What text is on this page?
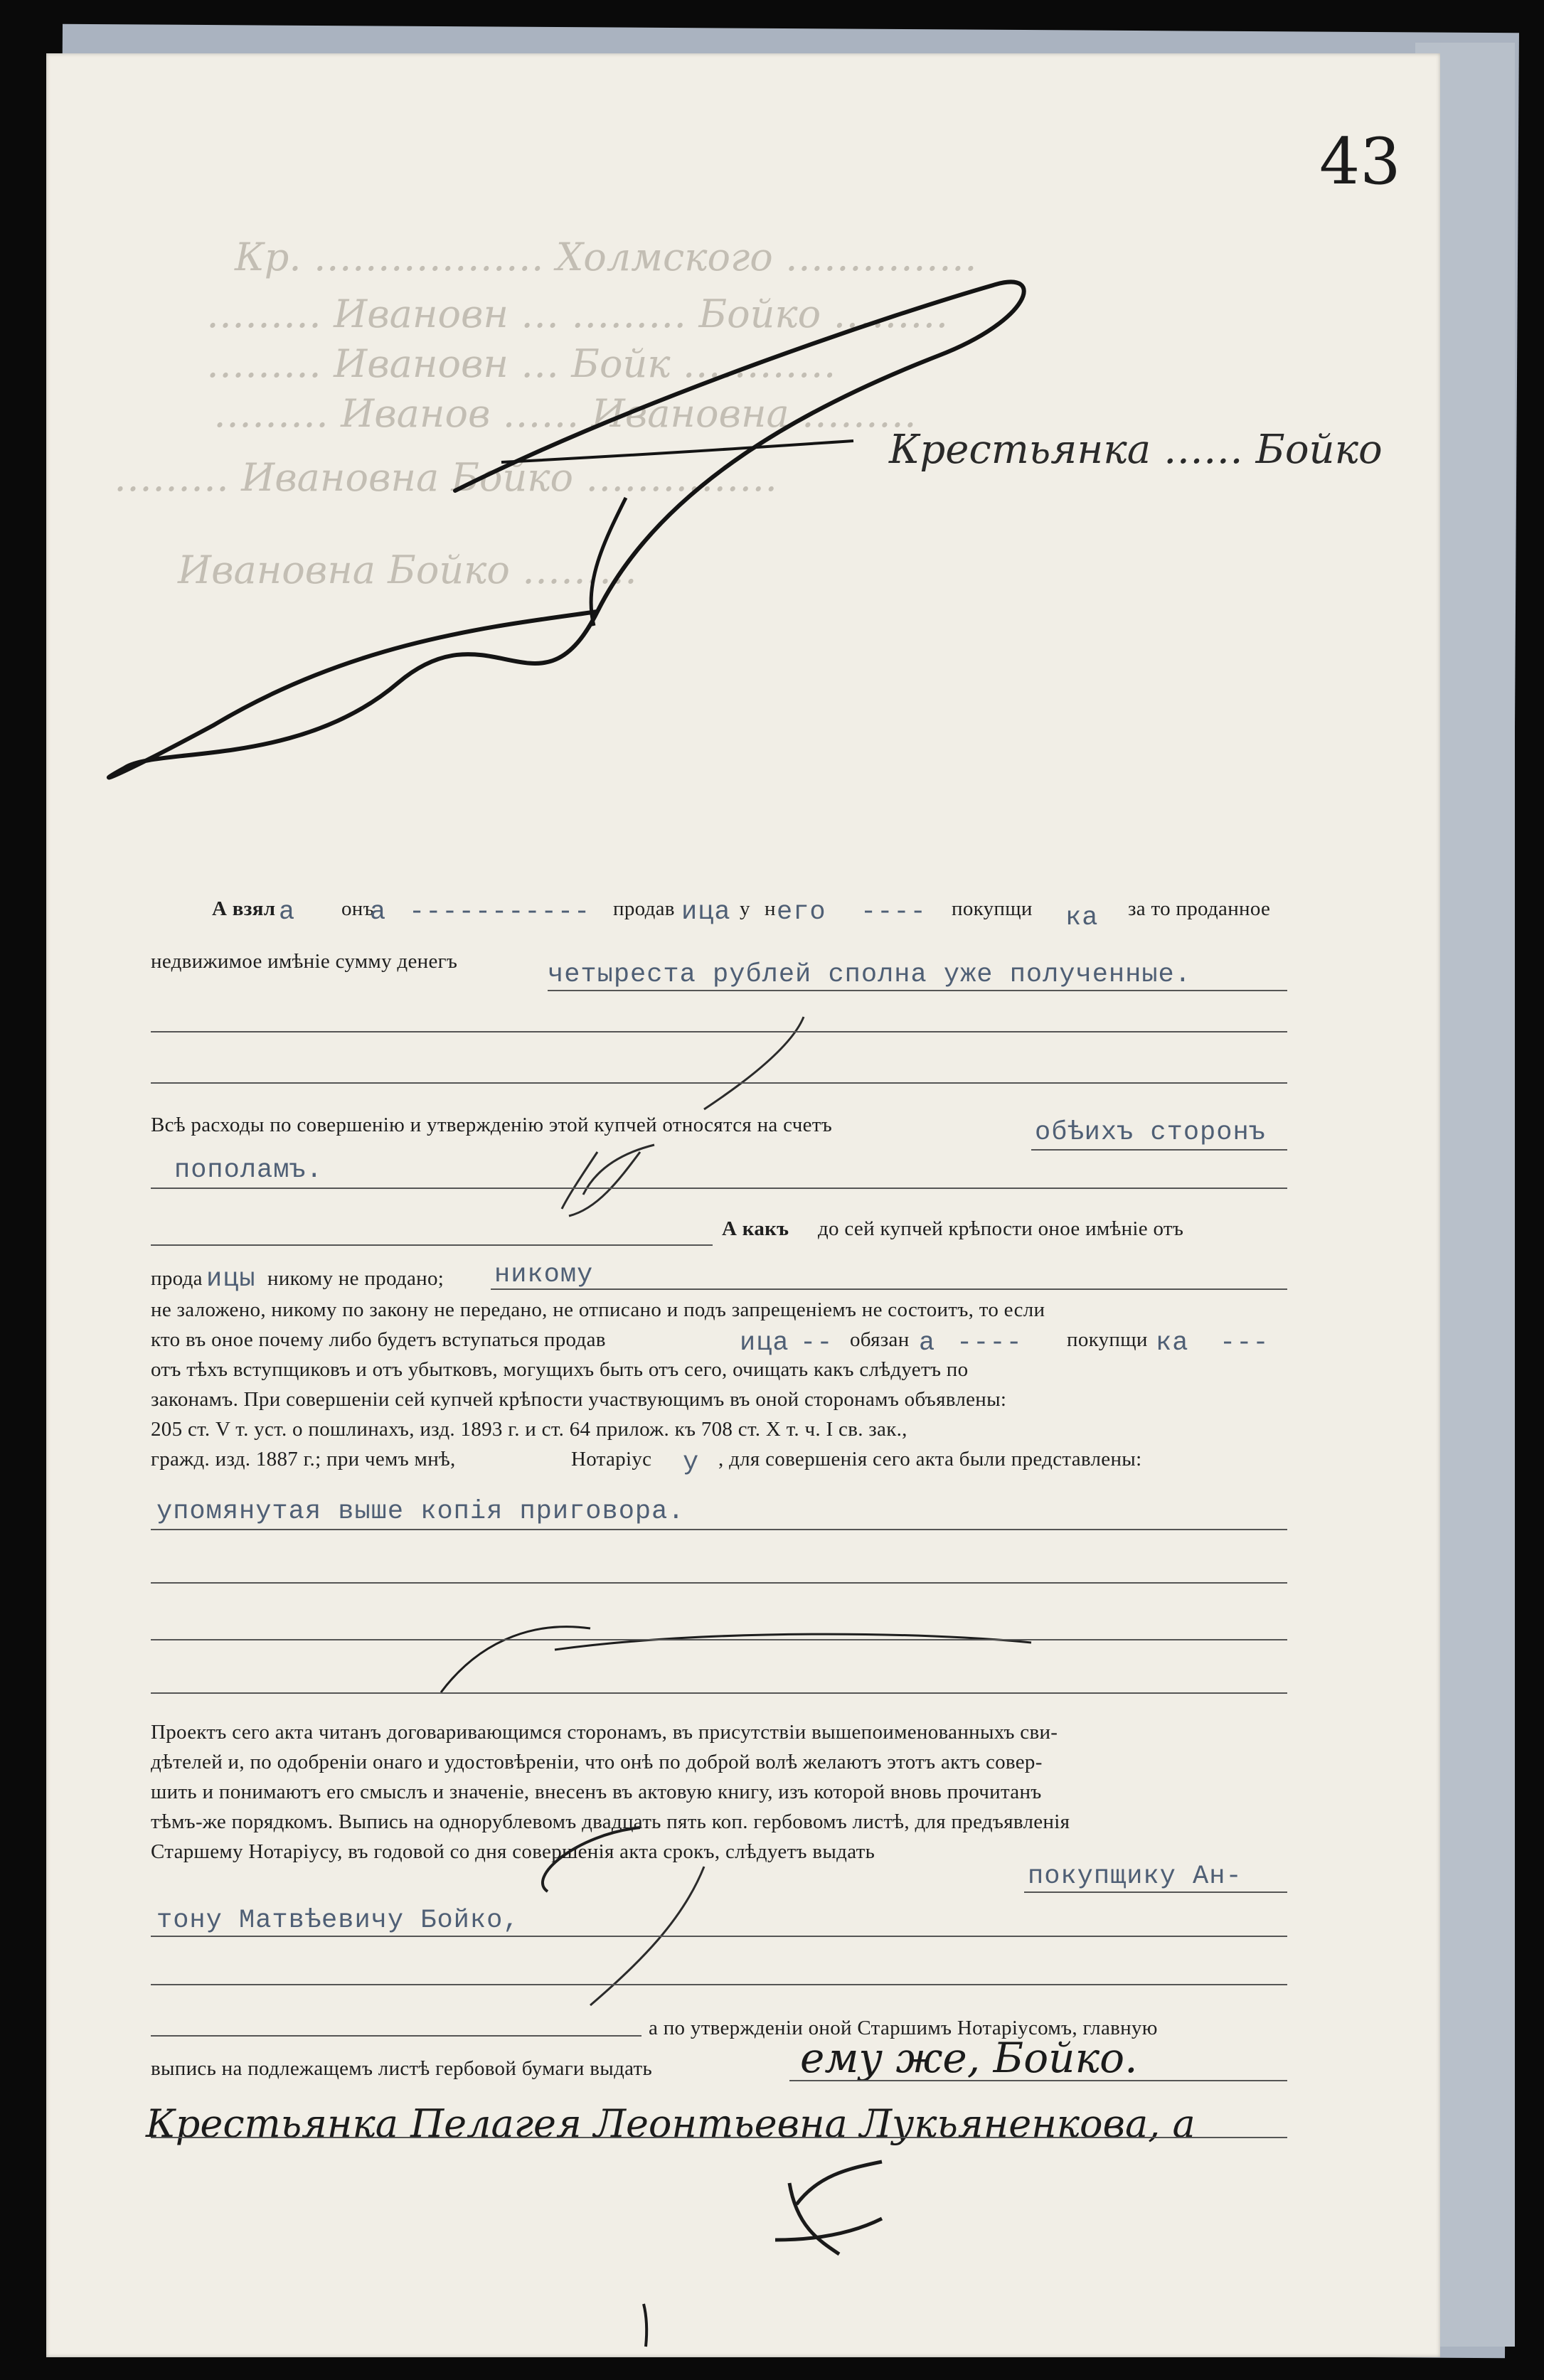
43
Кр. ……………… Холмского ……………
……… Ивановн … ……… Бойко ………
……… Ивановн … Бойк …………
……… Иванов …… Ивановна ………
……… Ивановна Бойко ……………
Ивановна Бойко ………
Крестьянка …… Бойко
А взял а онъ
а ----------- продав ица у н его ---- покупщи ка за то проданное
недвижимое имѣніе сумму денегъ	четыреста рублей сполна уже полученные.
Всѣ расходы по совершенію и утвержденію этой купчей относятся на счетъ	обѣихъ сторонъ
пополамъ.
А какъ до сей купчей крѣпости оное имѣніе отъ
прода ицы никому не продано; никому
не заложено, никому по закону не передано, не отписано и подъ запрещеніемъ не состоитъ, то если
кто въ оное почему либо будетъ вступаться продав	ица -- обязан а ---- покупщи ка ---
отъ тѣхъ вступщиковъ и отъ убытковъ, могущихъ быть отъ сего, очищать какъ слѣдуетъ по
законамъ. При совершеніи сей купчей крѣпости участвующимъ въ оной сторонамъ объявлены:
205 ст. V т. уст. о пошлинахъ, изд. 1893 г. и ст. 64 прилож. къ 708 ст. X т. ч. I св. зак.,
гражд. изд. 1887 г.; при чемъ мнѣ,	Нотаріус у , для совершенія сего акта были представлены:
упомянутая выше копія приговора.
Проектъ сего акта читанъ договаривающимся сторонамъ, въ присутствіи вышепоименованныхъ сви-
дѣтелей и, по одобреніи онаго и удостовѣреніи, что онѣ по доброй волѣ желаютъ этотъ актъ совер-
шить и понимаютъ его смыслъ и значеніе, внесенъ въ актовую книгу, изъ которой вновь прочитанъ
тѣмъ-же порядкомъ. Выпись на однорублевомъ двадцать пять коп. гербовомъ листѣ, для предъявленія
Старшему Нотаріусу, въ годовой со дня совершенія акта срокъ, слѣдуетъ выдать
покупщику Ан-
тону Матвѣевичу Бойко,
а по утвержденіи оной Старшимъ Нотаріусомъ, главную
выпись на подлежащемъ листѣ гербовой бумаги выдать	ему же, Бойко.
Крестьянка Пелагея Леонтьевна Лукьяненкова, а
